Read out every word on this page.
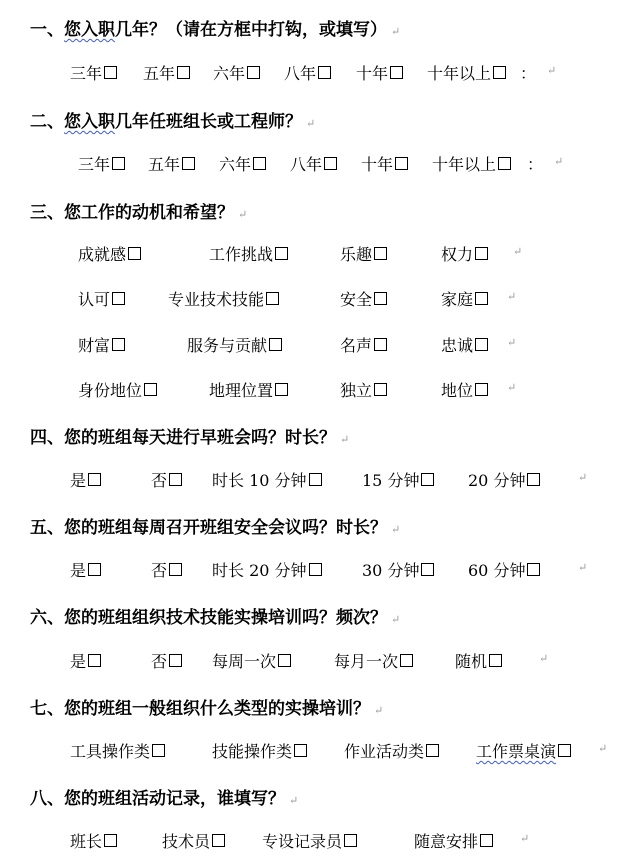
一、您入职几年？（请在方框中打钩，或填写） ↵
三年	五年 六年 八年 十年 十年以上 ： ↵
二、您入职几年任班组长或工程师？ ↵
三年 五年 六年 八年 十年 十年以上 ： ↵
三、您工作的动机和希望？ ↵
成就感	工作挑战	乐趣	权力	↵
认可	专业技术技能	安全	家庭	↵
财富	服务与贡献	名声	忠诚	↵
身份地位	地理位置	独立	地位	↵
四、您的班组每天进行早班会吗？时长？ ↵
是	否	时长 10 分钟	15 分钟	20 分钟	↵
五、您的班组每周召开班组安全会议吗？时长？ ↵
是	否	时长 20 分钟	30 分钟	60 分钟	↵
六、您的班组组织技术技能实操培训吗？频次？ ↵
是	否	每周一次	每月一次	随机	↵
七、您的班组一般组织什么类型的实操培训？ ↵
工具操作类	技能操作类	作业活动类	工作票桌演	↵
八、您的班组活动记录，谁填写？ ↵
班长	技术员	专设记录员	随意安排	↵
